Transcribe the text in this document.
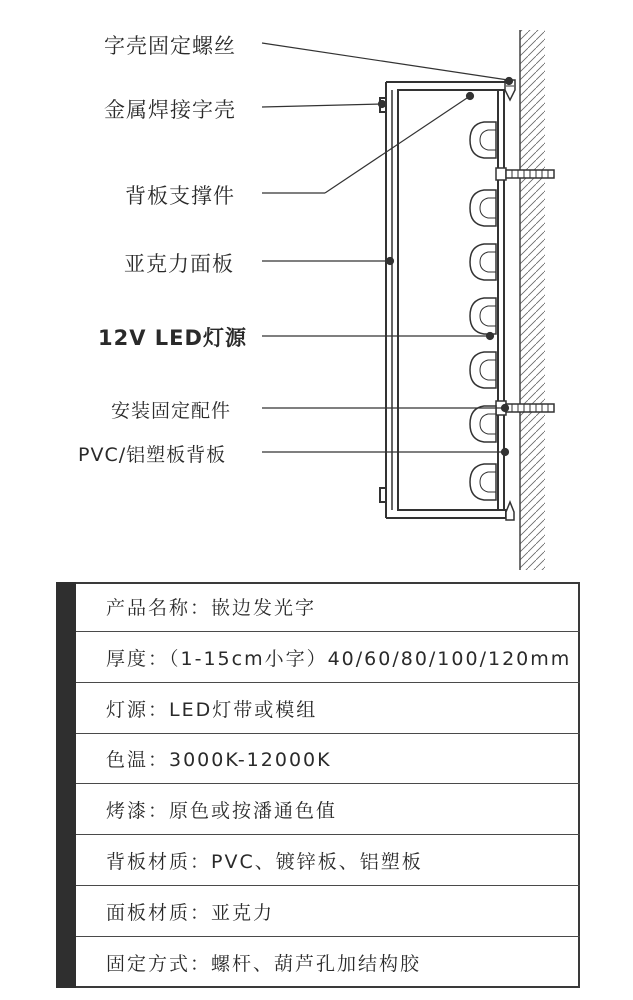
字壳固定螺丝
金属焊接字壳
背板支撑件
亚克力面板
12V LED灯源
安装固定配件
PVC/铝塑板背板
产品名称：嵌边发光字
厚度：（1-15cm小字）40/60/80/100/120mm
灯源：LED灯带或模组
色温：3000K-12000K
烤漆：原色或按潘通色值
背板材质：PVC、镀锌板、铝塑板
面板材质：亚克力
固定方式：螺杆、葫芦孔加结构胶
